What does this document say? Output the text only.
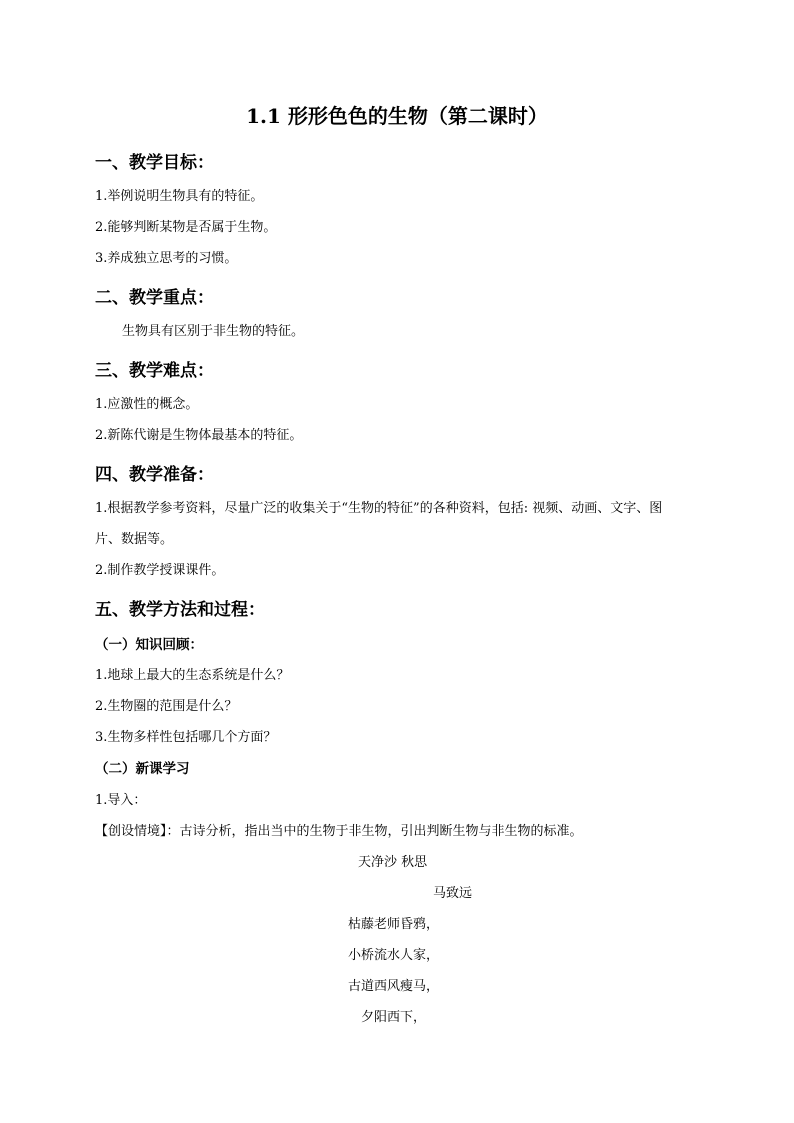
1.1 形形色色的生物（第二课时）
一、教学目标：
1.举例说明生物具有的特征。
2.能够判断某物是否属于生物。
3.养成独立思考的习惯。
二、教学重点：
生物具有区别于非生物的特征。
三、教学难点：
1.应激性的概念。
2.新陈代谢是生物体最基本的特征。
四、教学准备：
1.根据教学参考资料，尽量广泛的收集关于“生物的特征”的各种资料，包括: 视频、动画、文字、图
片、数据等。
2.制作教学授课课件。
五、教学方法和过程：
（一）知识回顾：
1.地球上最大的生态系统是什么？
2.生物圈的范围是什么？
3.生物多样性包括哪几个方面？
（二）新课学习
1.导入：
【创设情境】：古诗分析，指出当中的生物于非生物，引出判断生物与非生物的标准。
天净沙 秋思
马致远
枯藤老师昏鸦，
小桥流水人家，
古道西风瘦马，
夕阳西下，
